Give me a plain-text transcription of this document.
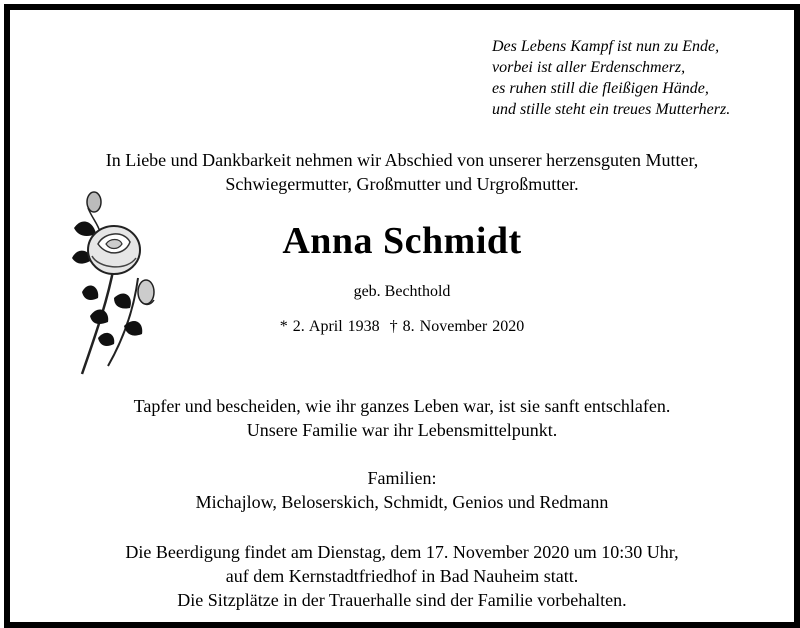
Des Lebens Kampf ist nun zu Ende,
vorbei ist aller Erdenschmerz,
es ruhen still die fleißigen Hände,
und stille steht ein treues Mutterherz.
In Liebe und Dankbarkeit nehmen wir Abschied von unserer herzensguten Mutter,
Schwiegermutter, Großmutter und Urgroßmutter.
Anna Schmidt
geb. Bechthold
* 2. April 1938 † 8. November 2020
Tapfer und bescheiden, wie ihr ganzes Leben war, ist sie sanft entschlafen.
Unsere Familie war ihr Lebensmittelpunkt.
Familien:
Michajlow, Beloserskich, Schmidt, Genios und Redmann
Die Beerdigung findet am Dienstag, dem 17. November 2020 um 10:30 Uhr,
auf dem Kernstadtfriedhof in Bad Nauheim statt.
Die Sitzplätze in der Trauerhalle sind der Familie vorbehalten.
